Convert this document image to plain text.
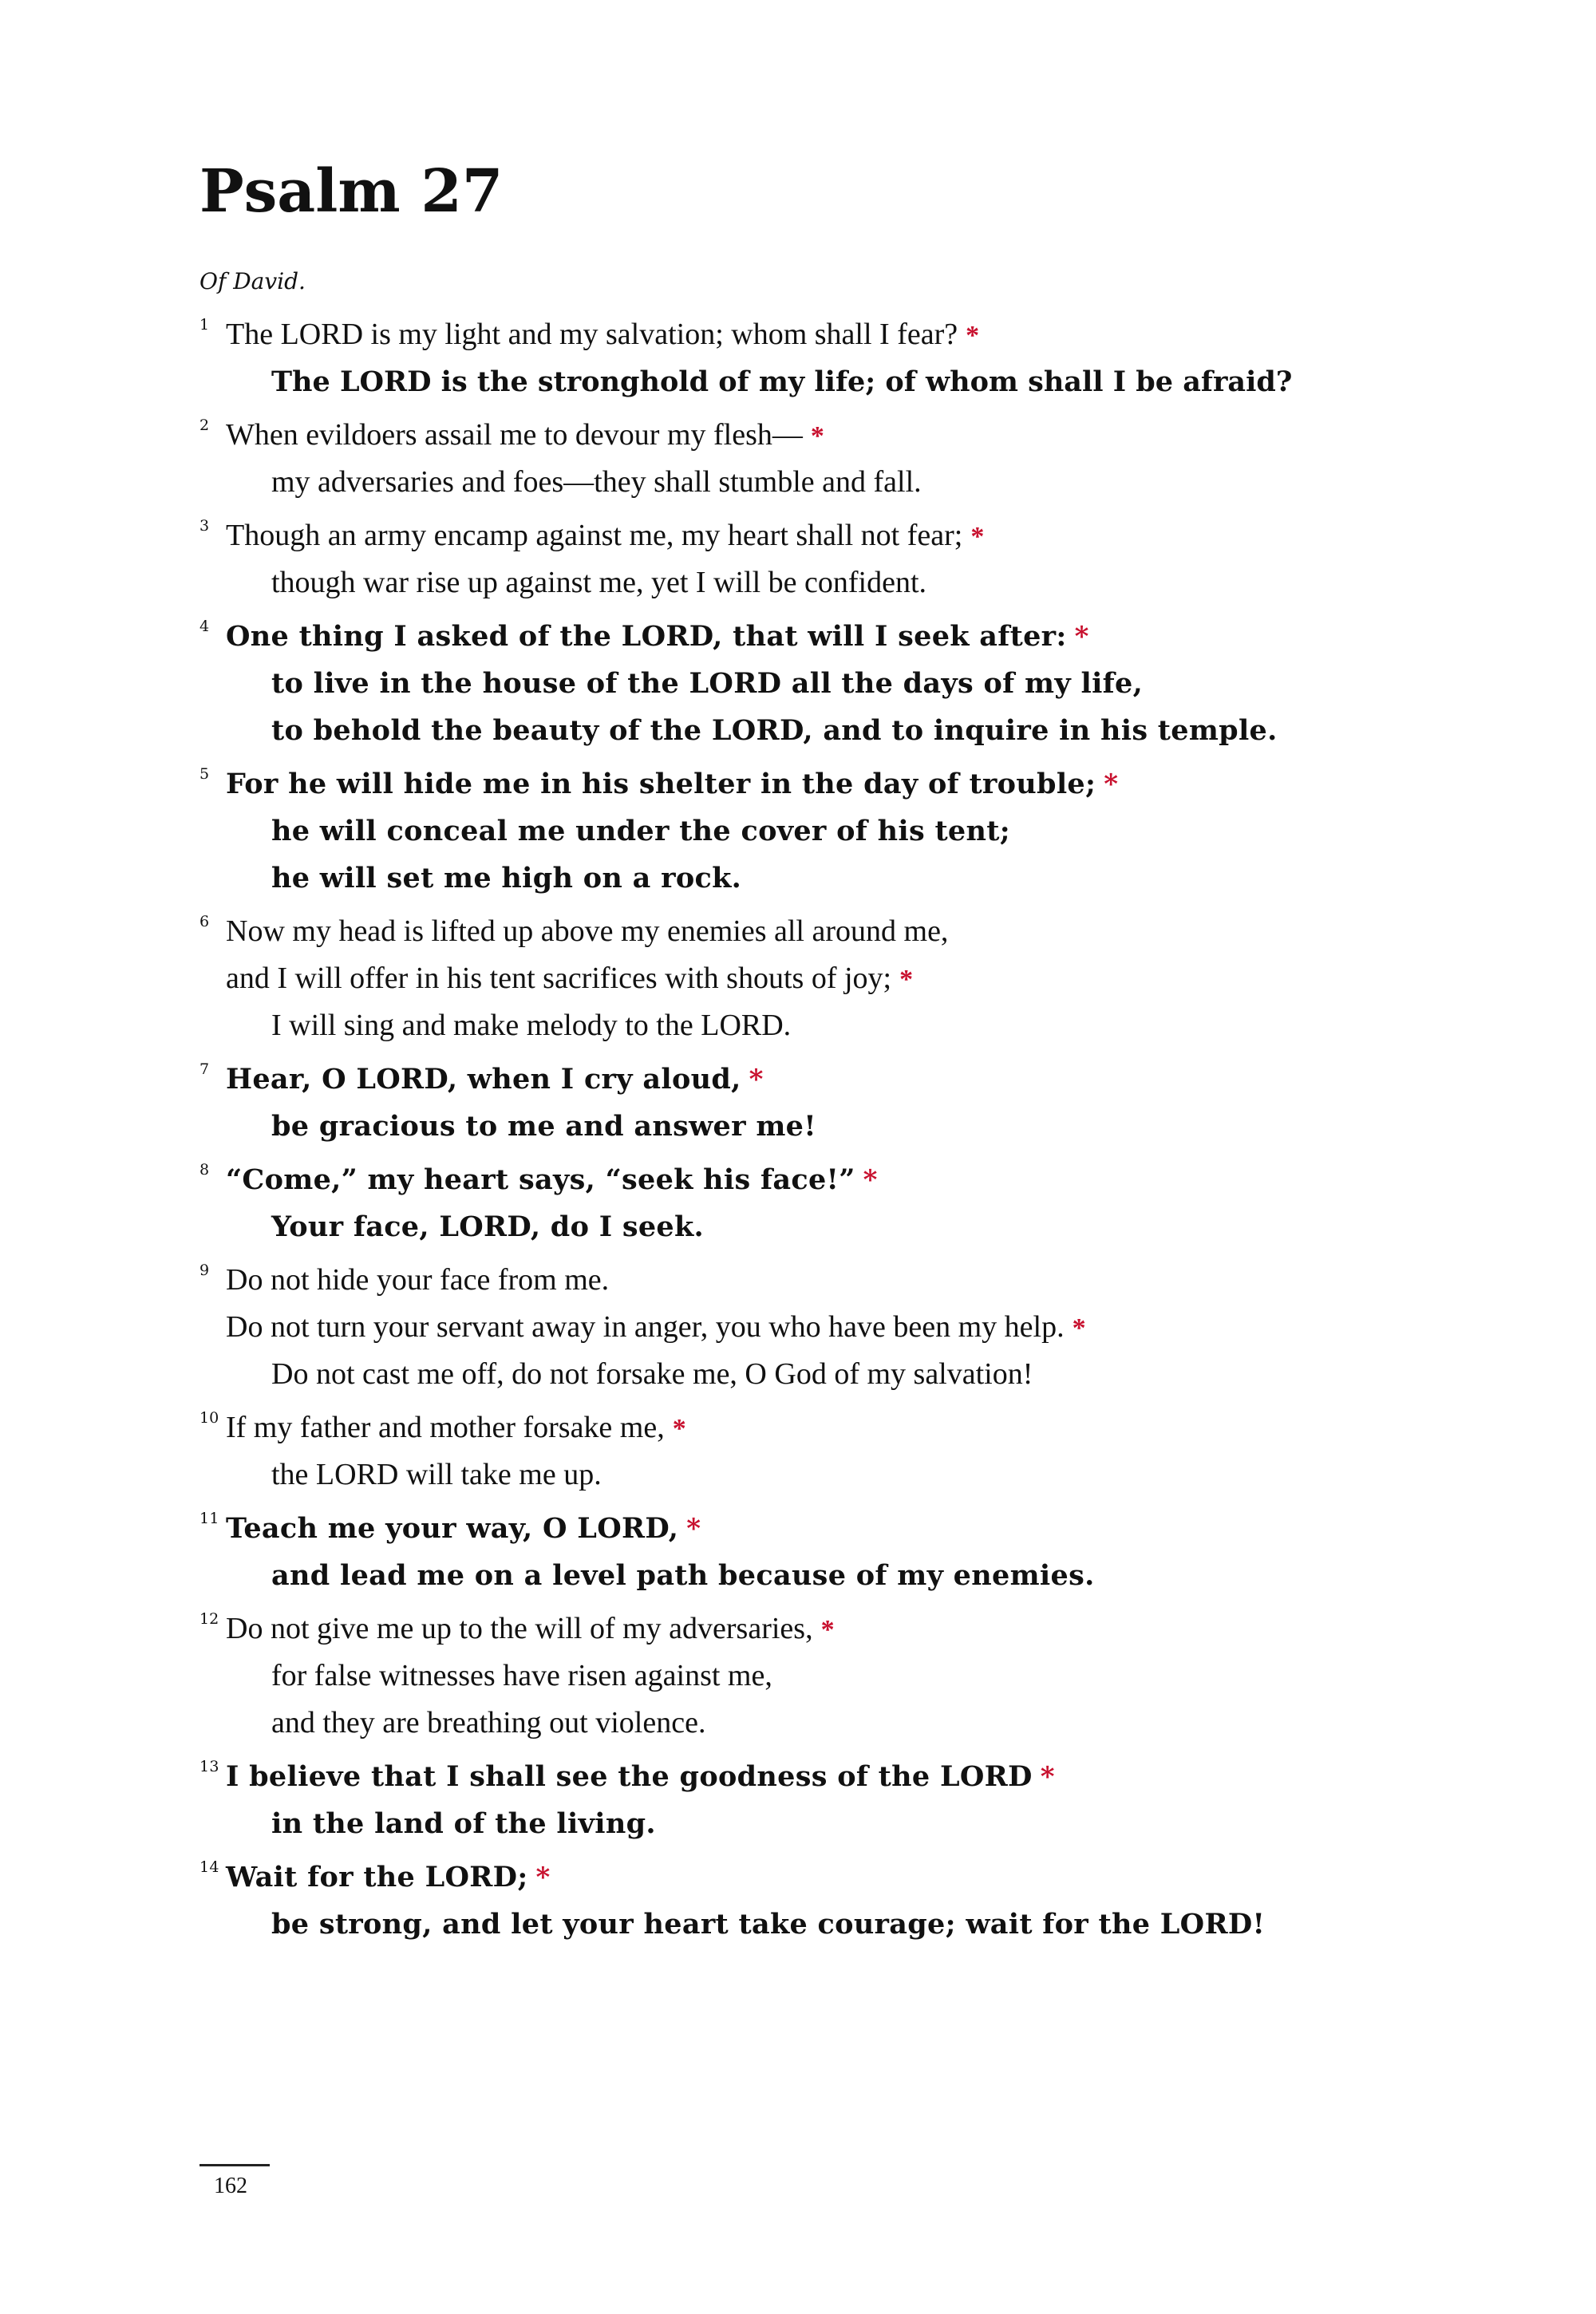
Psalm 27
Of David.
1 The LORD is my light and my salvation; whom shall I fear? *
The LORD is the stronghold of my life; of whom shall I be afraid?
2 When evildoers assail me to devour my flesh— *
my adversaries and foes—they shall stumble and fall.
3 Though an army encamp against me, my heart shall not fear; *
though war rise up against me, yet I will be confident.
4 One thing I asked of the LORD, that will I seek after: *
to live in the house of the LORD all the days of my life,
to behold the beauty of the LORD, and to inquire in his temple.
5 For he will hide me in his shelter in the day of trouble; *
he will conceal me under the cover of his tent;
he will set me high on a rock.
6 Now my head is lifted up above my enemies all around me,
and I will offer in his tent sacrifices with shouts of joy; *
I will sing and make melody to the LORD.
7 Hear, O LORD, when I cry aloud, *
be gracious to me and answer me!
8 “Come,” my heart says, “seek his face!” *
Your face, LORD, do I seek.
9 Do not hide your face from me.
Do not turn your servant away in anger, you who have been my help. *
Do not cast me off, do not forsake me, O God of my salvation!
10 If my father and mother forsake me, *
the LORD will take me up.
11 Teach me your way, O LORD, *
and lead me on a level path because of my enemies.
12 Do not give me up to the will of my adversaries, *
for false witnesses have risen against me,
and they are breathing out violence.
13 I believe that I shall see the goodness of the LORD *
in the land of the living.
14 Wait for the LORD; *
be strong, and let your heart take courage; wait for the LORD!
162
